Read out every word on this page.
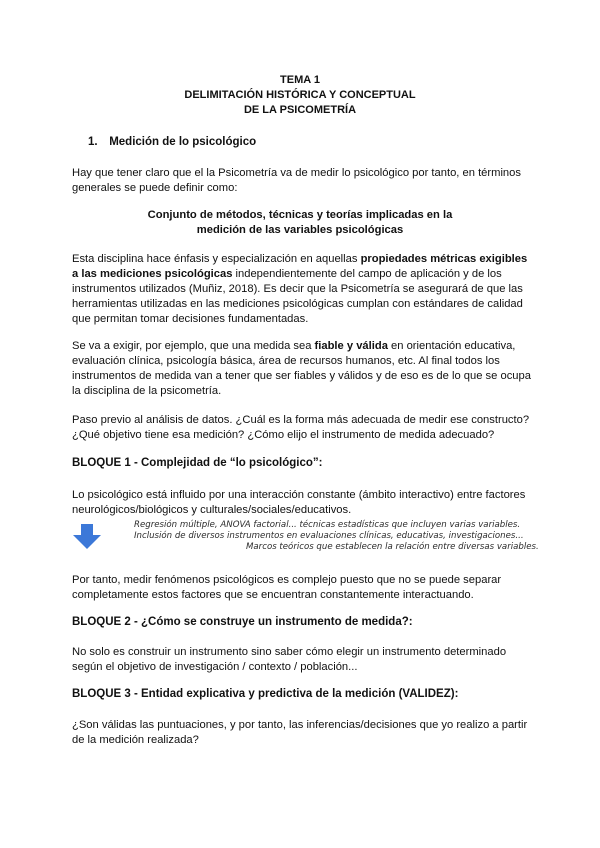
TEMA 1
DELIMITACIÓN HISTÓRICA Y CONCEPTUAL
DE LA PSICOMETRÍA
1. Medición de lo psicológico
Hay que tener claro que el la Psicometría va de medir lo psicológico por tanto, en términos
generales se puede definir como:

Conjunto de métodos, técnicas y teorías implicadas en la

medición de las variables psicológicas

Esta disciplina hace énfasis y especialización en aquellas propiedades métricas exigibles
a las mediciones psicológicas independientemente del campo de aplicación y de los
instrumentos utilizados (Muñiz, 2018). Es decir que la Psicometría se asegurará de que las
herramientas utilizadas en las mediciones psicológicas cumplan con estándares de calidad
que permitan tomar decisiones fundamentadas.
Se va a exigir, por ejemplo, que una medida sea fiable y válida en orientación educativa,
evaluación clínica, psicología básica, área de recursos humanos, etc. Al final todos los
instrumentos de medida van a tener que ser fiables y válidos y de eso es de lo que se ocupa
la disciplina de la psicometría.
Paso previo al análisis de datos. ¿Cuál es la forma más adecuada de medir ese constructo?
¿Qué objetivo tiene esa medición? ¿Cómo elijo el instrumento de medida adecuado?

BLOQUE 1 - Complejidad de “lo psicológico”:

Lo psicológico está influido por una interacción constante (ámbito interactivo) entre factores
neurológicos/biológicos y culturales/sociales/educativos.
Regresión múltiple, ANOVA factorial... técnicas estadísticas que incluyen varias variables.
Inclusión de diversos instrumentos en evaluaciones clínicas, educativas, investigaciones...
Marcos teóricos que establecen la relación entre diversas variables.
Por tanto, medir fenómenos psicológicos es complejo puesto que no se puede separar
completamente estos factores que se encuentran constantemente interactuando.

BLOQUE 2 - ¿Cómo se construye un instrumento de medida?:

No solo es construir un instrumento sino saber cómo elegir un instrumento determinado
según el objetivo de investigación / contexto / población...

BLOQUE 3 - Entidad explicativa y predictiva de la medición (VALIDEZ):

¿Son válidas las puntuaciones, y por tanto, las inferencias/decisiones que yo realizo a partir
de la medición realizada?
